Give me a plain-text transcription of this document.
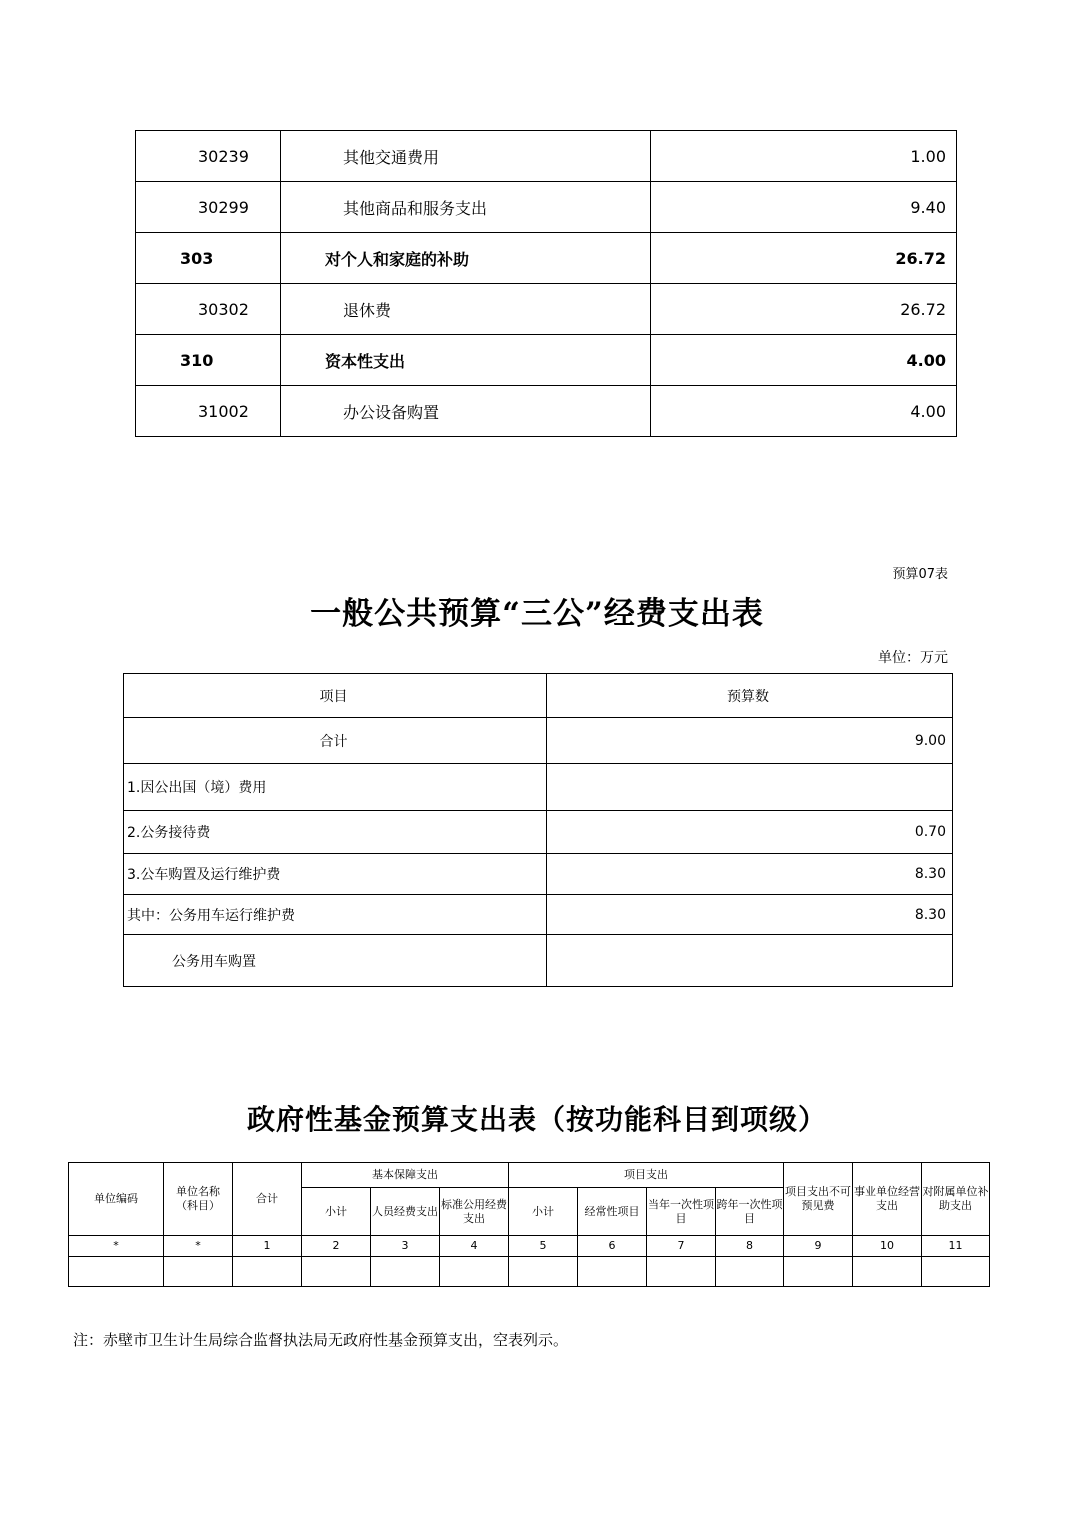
30239	其他交通费用	1.00
30299	其他商品和服务支出	9.40
303	对个人和家庭的补助	26.72
30302	退休费	26.72
310	资本性支出	4.00
31002	办公设备购置	4.00
预算07表
一般公共预算“三公”经费支出表
单位：万元
项目	预算数
合计	9.00
1.因公出国（境）费用	
2.公务接待费	0.70
3.公车购置及运行维护费	8.30
其中：公务用车运行维护费	8.30
公务用车购置	
政府性基金预算支出表（按功能科目到项级）
单位编码	单位名称（科目）	合计	基本保障支出			项目支出				项目支出不可预见费	事业单位经营支出	对附属单位补助支出
			小计	人员经费支出	标准公用经费支出	小计	经常性项目	当年一次性项目	跨年一次性项目			
*	*	1	2	3	4	5	6	7	8	9	10	11

注：赤壁市卫生计生局综合监督执法局无政府性基金预算支出，空表列示。
